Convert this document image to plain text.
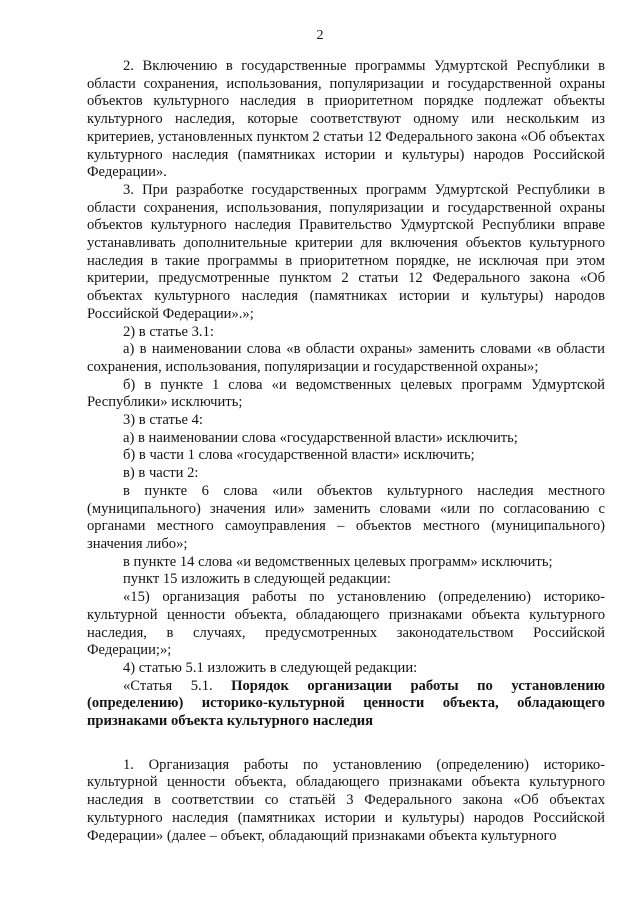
2

2. Включению в государственные программы Удмуртской Республики в области сохранения, использования, популяризации и государственной охраны объектов культурного наследия в приоритетном порядке подлежат объекты культурного наследия, которые соответствуют одному или нескольким из критериев, установленных пунктом 2 статьи 12 Федерального закона «Об объектах культурного наследия (памятниках истории и культуры) народов Российской Федерации».

3. При разработке государственных программ Удмуртской Республики в области сохранения, использования, популяризации и государственной охраны объектов культурного наследия Правительство Удмуртской Республики вправе устанавливать дополнительные критерии для включения объектов культурного наследия в такие программы в приоритетном порядке, не исключая при этом критерии, предусмотренные пунктом 2 статьи 12 Федерального закона «Об объектах культурного наследия (памятниках истории и культуры) народов Российской Федерации».»;

2) в статье 3.1:

а) в наименовании слова «в области охраны» заменить словами «в области сохранения, использования, популяризации и государственной охраны»;

б) в пункте 1 слова «и ведомственных целевых программ Удмуртской Республики» исключить;

3) в статье 4:

а) в наименовании слова «государственной власти» исключить;

б) в части 1 слова «государственной власти» исключить;

в) в части 2:

в пункте 6 слова «или объектов культурного наследия местного (муниципального) значения или» заменить словами «или по согласованию с органами местного самоуправления – объектов местного (муниципального) значения либо»;

в пункте 14 слова «и ведомственных целевых программ» исключить;

пункт 15 изложить в следующей редакции:

«15) организация работы по установлению (определению) историко-культурной ценности объекта, обладающего признаками объекта культурного наследия, в случаях, предусмотренных законодательством Российской Федерации;»;

4) статью 5.1 изложить в следующей редакции:

«Статья 5.1. Порядок организации работы по установлению (определению) историко-культурной ценности объекта, обладающего признаками объекта культурного наследия

1. Организация работы по установлению (определению) историко-культурной ценности объекта, обладающего признаками объекта культурного наследия в соответствии со статьёй 3 Федерального закона «Об объектах культурного наследия (памятниках истории и культуры) народов Российской Федерации» (далее – объект, обладающий признаками объекта культурного
